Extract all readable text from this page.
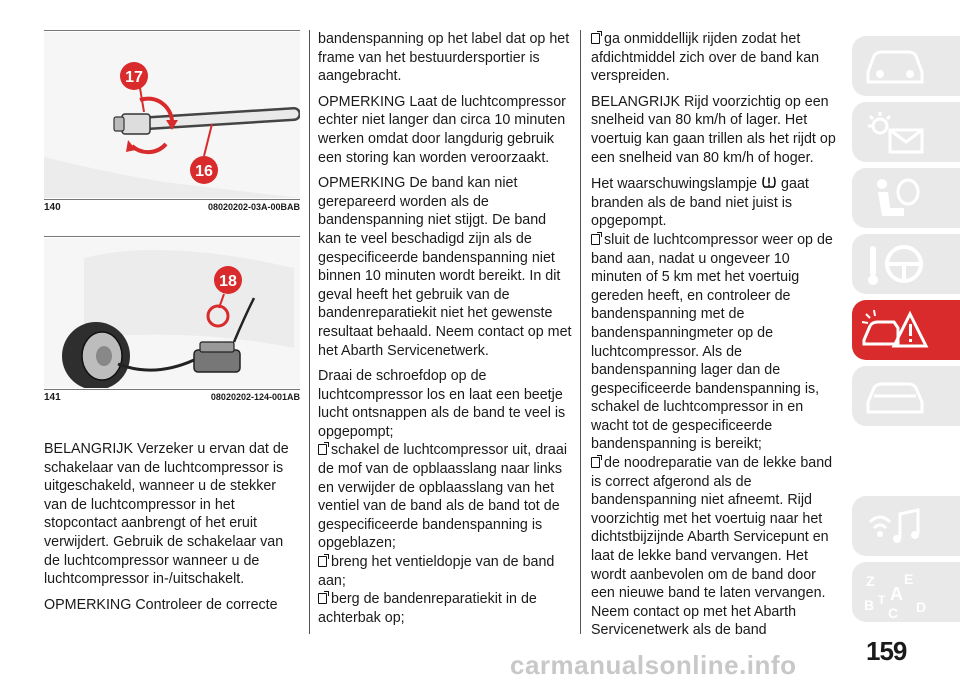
17
16
140	08020202-03A-00BAB
18
141	08020202-124-001AB

BELANGRIJK Verzeker u ervan dat de schakelaar van de luchtcompressor is uitgeschakeld, wanneer u de stekker van de luchtcompressor in het stopcontact aanbrengt of het eruit verwijdert. Gebruik de schakelaar van de luchtcompressor wanneer u de luchtcompressor in-/uitschakelt.

OPMERKING Controleer de correcte

bandenspanning op het label dat op het frame van het bestuurdersportier is aangebracht.

OPMERKING Laat de luchtcompressor echter niet langer dan circa 10 minuten werken omdat door langdurig gebruik een storing kan worden veroorzaakt.

OPMERKING De band kan niet gerepareerd worden als de bandenspanning niet stijgt. De band kan te veel beschadigd zijn als de gespecificeerde bandenspanning niet binnen 10 minuten wordt bereikt. In dit geval heeft het gebruik van de bandenreparatiekit niet het gewenste resultaat behaald. Neem contact op met het Abarth Servicenetwerk.

Draai de schroefdop op de luchtcompressor los en laat een beetje lucht ontsnappen als de band te veel is opgepompt;

schakel de luchtcompressor uit, draai de mof van de opblaasslang naar links en verwijder de opblaasslang van het ventiel van de band als de band tot de gespecificeerde bandenspanning is opgeblazen;
breng het ventieldopje van de band aan;
berg de bandenreparatiekit in de achterbak op;
ga onmiddellijk rijden zodat het afdichtmiddel zich over de band kan verspreiden.

BELANGRIJK Rijd voorzichtig op een snelheid van 80 km/h of lager. Het voertuig kan gaan trillen als het rijdt op een snelheid van 80 km/h of hoger.

Het waarschuwingslampje gaat branden als de band niet juist is opgepompt.

sluit de luchtcompressor weer op de band aan, nadat u ongeveer 10 minuten of 5 km met het voertuig gereden heeft, en controleer de bandenspanning met de bandenspanningmeter op de luchtcompressor. Als de bandenspanning lager dan de gespecificeerde bandenspanning is, schakel de luchtcompressor in en wacht tot de gespecificeerde bandenspanning is bereikt;
de noodreparatie van de lekke band is correct afgerond als de bandenspanning niet afneemt. Rijd voorzichtig met het voertuig naar het dichtstbijzijnde Abarth Servicepunt en laat de lekke band vervangen. Het wordt aanbevolen om de band door een nieuwe band te laten vervangen. Neem contact op met het Abarth Servicenetwerk als de band
Z E
A
B C D
T
159
carmanualsonline.info
